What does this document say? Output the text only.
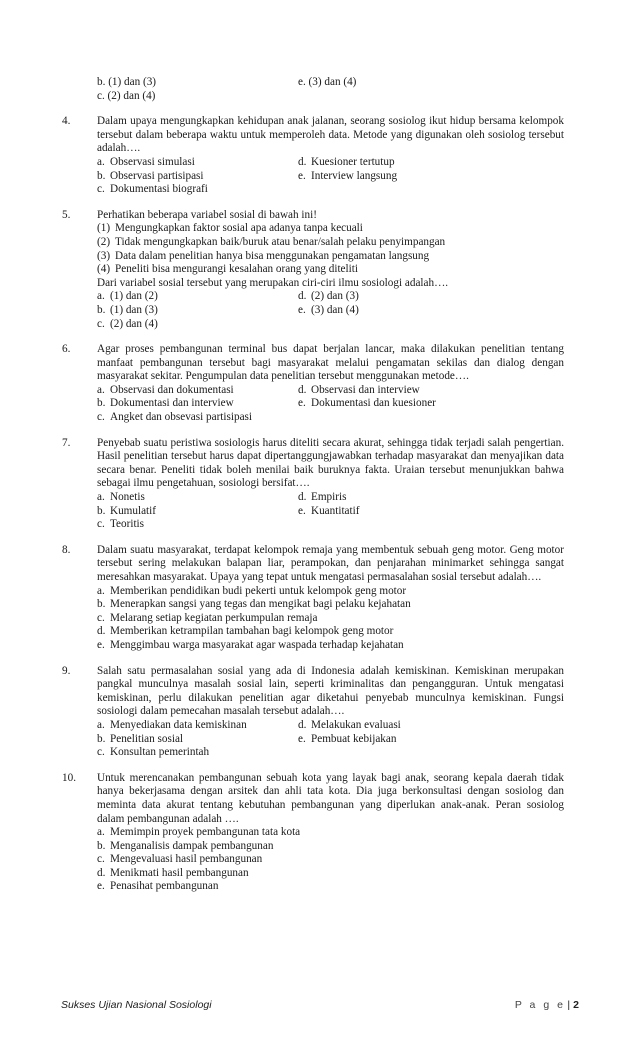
b. (1) dan (3)	e. (3) dan (4)
c. (2) dan (4)
4.	Dalam upaya mengungkapkan kehidupan anak jalanan, seorang sosiolog ikut hidup bersama kelompok tersebut dalam beberapa waktu untuk memperoleh data. Metode yang digunakan oleh sosiolog tersebut adalah….
a. Observasi simulasi	d. Kuesioner tertutup
b. Observasi partisipasi	e. Interview langsung
c. Dokumentasi biografi
5.	Perhatikan beberapa variabel sosial di bawah ini!
(1) Mengungkapkan faktor sosial apa adanya tanpa kecuali
(2) Tidak mengungkapkan baik/buruk atau benar/salah pelaku penyimpangan
(3) Data dalam penelitian hanya bisa menggunakan pengamatan langsung
(4) Peneliti bisa mengurangi kesalahan orang yang diteliti
Dari variabel sosial tersebut yang merupakan ciri-ciri ilmu sosiologi adalah….
a. (1) dan (2)	d. (2) dan (3)
b. (1) dan (3)	e. (3) dan (4)
c. (2) dan (4)
6.	Agar proses pembangunan terminal bus dapat berjalan lancar, maka dilakukan penelitian tentang manfaat pembangunan tersebut bagi masyarakat melalui pengamatan sekilas dan dialog dengan masyarakat sekitar. Pengumpulan data penelitian tersebut menggunakan metode….
a. Observasi dan dokumentasi	d. Observasi dan interview
b. Dokumentasi dan interview	e. Dokumentasi dan kuesioner
c. Angket dan obsevasi partisipasi
7.	Penyebab suatu peristiwa sosiologis harus diteliti secara akurat, sehingga tidak terjadi salah pengertian. Hasil penelitian tersebut harus dapat dipertanggungjawabkan terhadap masyarakat dan menyajikan data secara benar. Peneliti tidak boleh menilai baik buruknya fakta. Uraian tersebut menunjukkan bahwa sebagai ilmu pengetahuan, sosiologi bersifat….
a. Nonetis	d. Empiris
b. Kumulatif	e. Kuantitatif
c. Teoritis
8.	Dalam suatu masyarakat, terdapat kelompok remaja yang membentuk sebuah geng motor. Geng motor tersebut sering melakukan balapan liar, perampokan, dan penjarahan minimarket sehingga sangat meresahkan masyarakat. Upaya yang tepat untuk mengatasi permasalahan sosial tersebut adalah….
a. Memberikan pendidikan budi pekerti untuk kelompok geng motor
b. Menerapkan sangsi yang tegas dan mengikat bagi pelaku kejahatan
c. Melarang setiap kegiatan perkumpulan remaja
d. Memberikan ketrampilan tambahan bagi kelompok geng motor
e. Menggimbau warga masyarakat agar waspada terhadap kejahatan
9.	Salah satu permasalahan sosial yang ada di Indonesia adalah kemiskinan. Kemiskinan merupakan pangkal munculnya masalah sosial lain, seperti kriminalitas dan pengangguran. Untuk mengatasi kemiskinan, perlu dilakukan penelitian agar diketahui penyebab munculnya kemiskinan. Fungsi sosiologi dalam pemecahan masalah tersebut adalah….
a. Menyediakan data kemiskinan	d. Melakukan evaluasi
b. Penelitian sosial	e. Pembuat kebijakan
c. Konsultan pemerintah
10.	Untuk merencanakan pembangunan sebuah kota yang layak bagi anak, seorang kepala daerah tidak hanya bekerjasama dengan arsitek dan ahli tata kota. Dia juga berkonsultasi dengan sosiolog dan meminta data akurat tentang kebutuhan pembangunan yang diperlukan anak-anak. Peran sosiolog dalam pembangunan adalah ….
a. Memimpin proyek pembangunan tata kota
b. Menganalisis dampak pembangunan
c. Mengevaluasi hasil pembangunan
d. Menikmati hasil pembangunan
e. Penasihat pembangunan
Sukses Ujian Nasional Sosiologi	P a g e | 2
